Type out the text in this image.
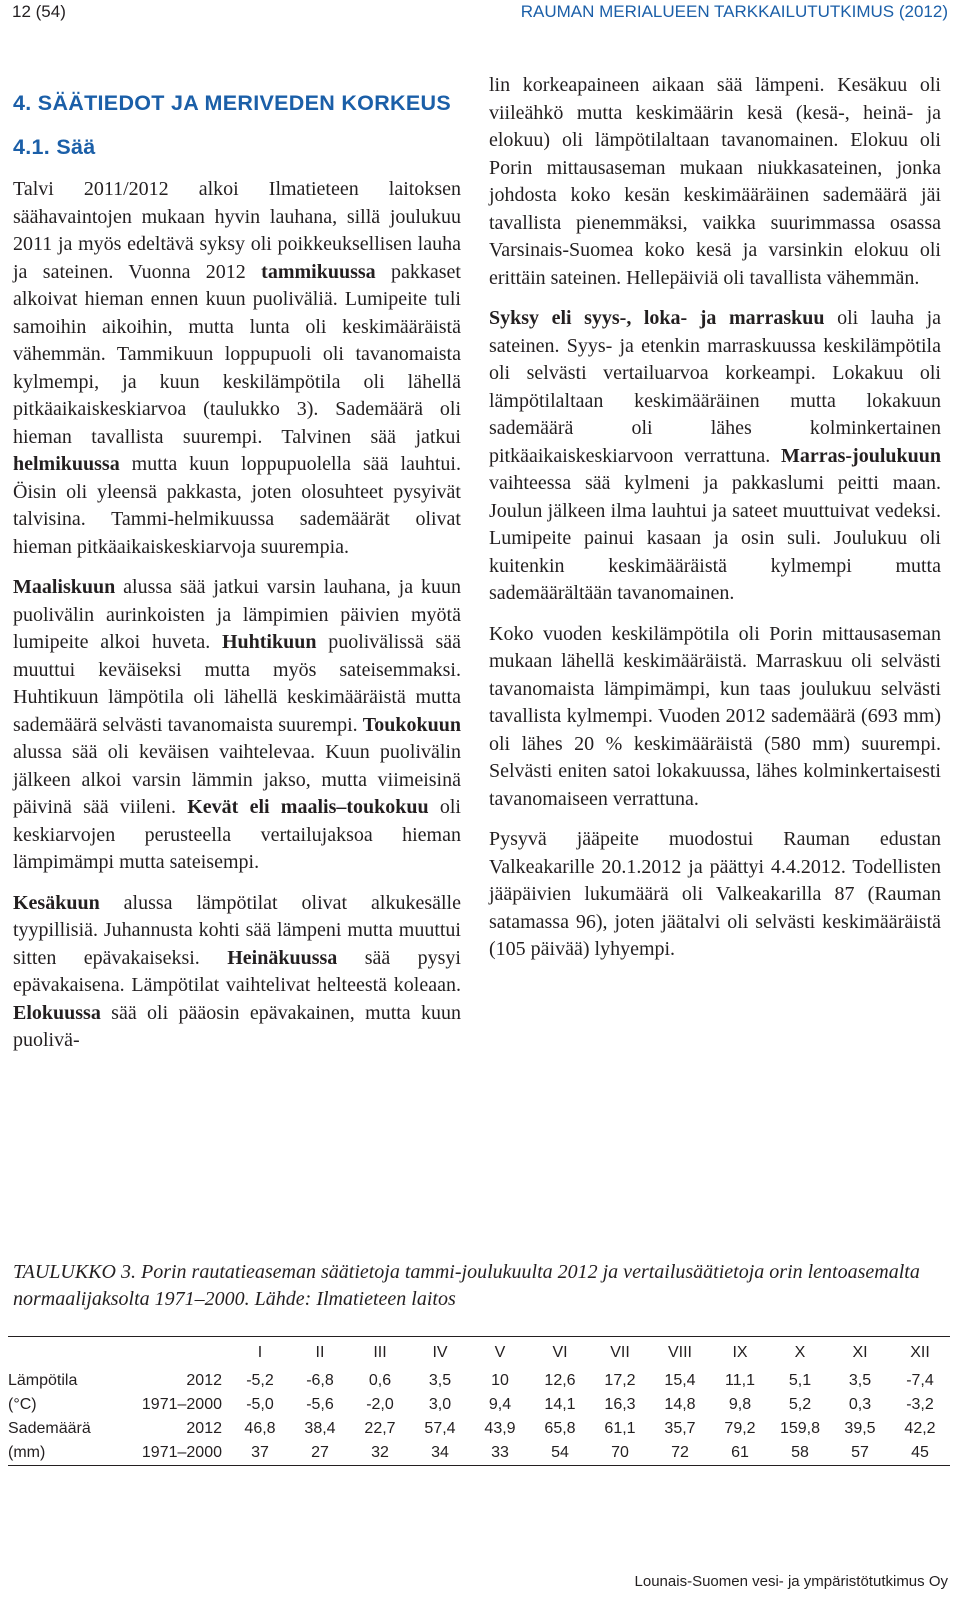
12 (54)	RAUMAN MERIALUEEN TARKKAILUTUTKIMUS (2012)
4. SÄÄTIEDOT JA MERIVEDEN KORKEUS
4.1. Sää

Talvi 2011/2012 alkoi Ilmatieteen laitoksen säähavaintojen mukaan hyvin lauhana, sillä joulukuu 2011 ja myös edeltävä syksy oli poikkeuksellisen lauha ja sateinen. Vuonna 2012 tammikuussa pakkaset alkoivat hieman ennen kuun puoliväliä. Lumipeite tuli samoihin aikoihin, mutta lunta oli keskimääräistä vähemmän. Tammikuun loppupuoli oli tavanomaista kylmempi, ja kuun keskilämpötila oli lähellä pitkäaikaiskeskiarvoa (taulukko 3). Sademäärä oli hieman tavallista suurempi. Talvinen sää jatkui helmikuussa mutta kuun loppupuolella sää lauhtui. Öisin oli yleensä pakkasta, joten olosuhteet pysyivät talvisina. Tammi-helmikuussa sademäärät olivat hieman pitkäaikaiskeskiarvoja suurempia.

Maaliskuun alussa sää jatkui varsin lauhana, ja kuun puolivälin aurinkoisten ja lämpimien päivien myötä lumipeite alkoi huveta. Huhtikuun puolivälissä sää muuttui keväiseksi mutta myös sateisemmaksi. Huhtikuun lämpötila oli lähellä keskimääräistä mutta sademäärä selvästi tavanomaista suurempi. Toukokuun alussa sää oli keväisen vaihtelevaa. Kuun puolivälin jälkeen alkoi varsin lämmin jakso, mutta viimeisinä päivinä sää viileni. Kevät eli maalis–toukokuu oli keskiarvojen perusteella vertailujaksoa hieman lämpimämpi mutta sateisempi.

Kesäkuun alussa lämpötilat olivat alkukesälle tyypillisiä. Juhannusta kohti sää lämpeni mutta muuttui sitten epävakaiseksi. Heinäkuussa sää pysyi epävakaisena. Lämpötilat vaihtelivat helteestä koleaan. Elokuussa sää oli pääosin epävakainen, mutta kuun puolivä-

lin korkeapaineen aikaan sää lämpeni. Kesäkuu oli viileähkö mutta keskimäärin kesä (kesä-, heinä- ja elokuu) oli lämpötilaltaan tavanomainen. Elokuu oli Porin mittausaseman mukaan niukkasateinen, jonka johdosta koko kesän keskimääräinen sademäärä jäi tavallista pienemmäksi, vaikka suurimmassa osassa Varsinais-Suomea koko kesä ja varsinkin elokuu oli erittäin sateinen. Hellepäiviä oli tavallista vähemmän.

Syksy eli syys-, loka- ja marraskuu oli lauha ja sateinen. Syys- ja etenkin marraskuussa keskilämpötila oli selvästi vertailuarvoa korkeampi. Lokakuu oli lämpötilaltaan keskimääräinen mutta lokakuun sademäärä oli lähes kolminkertainen pitkäaikaiskeskiarvoon verrattuna. Marras-joulukuun vaihteessa sää kylmeni ja pakkaslumi peitti maan. Joulun jälkeen ilma lauhtui ja sateet muuttuivat vedeksi. Lumipeite painui kasaan ja osin suli. Joulukuu oli kuitenkin keskimääräistä kylmempi mutta sademäärältään tavanomainen.

Koko vuoden keskilämpötila oli Porin mittausaseman mukaan lähellä keskimääräistä. Marraskuu oli selvästi tavanomaista lämpimämpi, kun taas joulukuu selvästi tavallista kylmempi. Vuoden 2012 sademäärä (693 mm) oli lähes 20 % keskimääräistä (580 mm) suurempi. Selvästi eniten satoi lokakuussa, lähes kolminkertaisesti tavanomaiseen verrattuna.

Pysyvä jääpeite muodostui Rauman edustan Valkeakarille 20.1.2012 ja päättyi 4.4.2012. Todellisten jääpäivien lukumäärä oli Valkeakarilla 87 (Rauman satamassa 96), joten jäätalvi oli selvästi keskimääräistä (105 päivää) lyhyempi.

TAULUKKO 3. Porin rautatieaseman säätietoja tammi-joulukuulta 2012 ja vertailusäätietoja orin lentoasemalta normaalijaksolta 1971–2000. Lähde: Ilmatieteen laitos
		I	II	III	IV	V	VI	VII	VIII	IX	X	XI	XII
Lämpötila	2012	-5,2	-6,8	0,6	3,5	10	12,6	17,2	15,4	11,1	5,1	3,5	-7,4
(°C)	1971–2000	-5,0	-5,6	-2,0	3,0	9,4	14,1	16,3	14,8	9,8	5,2	0,3	-3,2
Sademäärä	2012	46,8	38,4	22,7	57,4	43,9	65,8	61,1	35,7	79,2	159,8	39,5	42,2
(mm)	1971–2000	37	27	32	34	33	54	70	72	61	58	57	45
Lounais-Suomen vesi- ja ympäristötutkimus Oy
